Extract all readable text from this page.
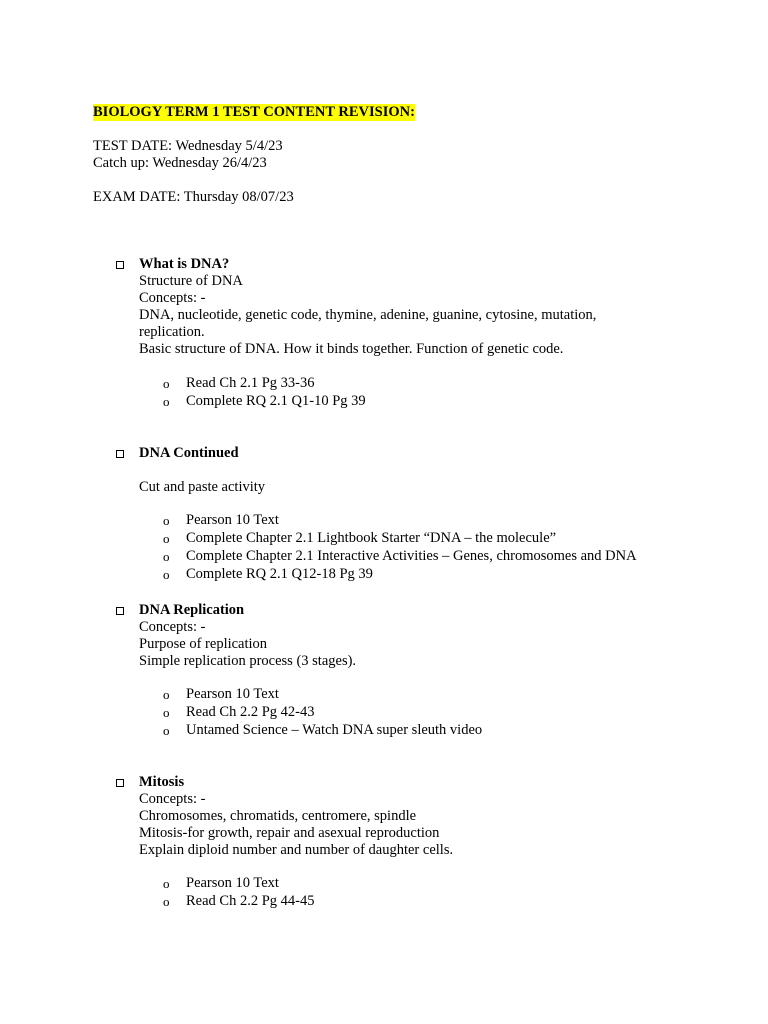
BIOLOGY TERM 1 TEST CONTENT REVISION:
TEST DATE: Wednesday 5/4/23
Catch up: Wednesday 26/4/23
EXAM DATE: Thursday 08/07/23
What is DNA?
Structure of DNA
Concepts: -
DNA, nucleotide, genetic code, thymine, adenine, guanine, cytosine, mutation,
replication.
Basic structure of DNA. How it binds together. Function of genetic code.
o Read Ch 2.1 Pg 33-36
o Complete RQ 2.1 Q1-10 Pg 39
DNA Continued
Cut and paste activity
o Pearson 10 Text
o Complete Chapter 2.1 Lightbook Starter “DNA – the molecule”
o Complete Chapter 2.1 Interactive Activities – Genes, chromosomes and DNA
o Complete RQ 2.1 Q12-18 Pg 39
DNA Replication
Concepts: -
Purpose of replication
Simple replication process (3 stages).
o Pearson 10 Text
o Read Ch 2.2 Pg 42-43
o Untamed Science – Watch DNA super sleuth video
Mitosis
Concepts: -
Chromosomes, chromatids, centromere, spindle
Mitosis-for growth, repair and asexual reproduction
Explain diploid number and number of daughter cells.
o Pearson 10 Text
o Read Ch 2.2 Pg 44-45
